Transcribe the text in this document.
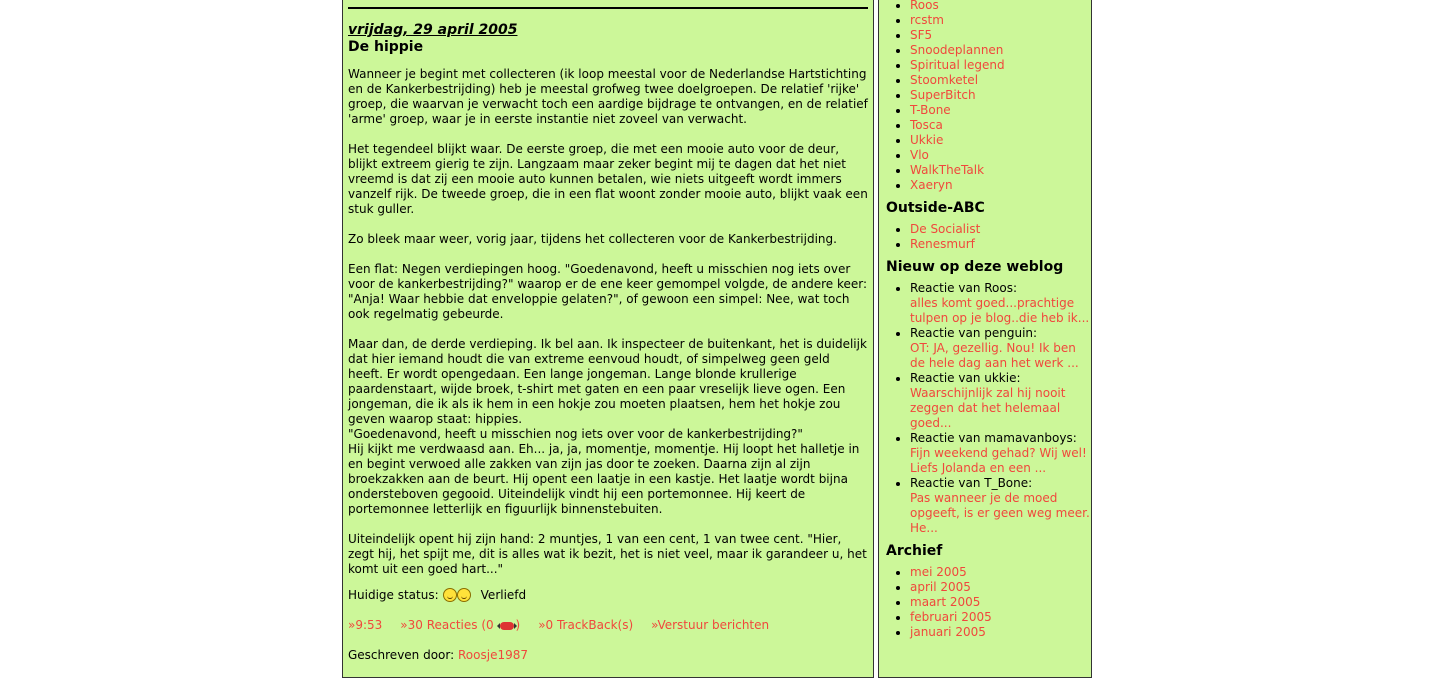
vrijdag, 29 april 2005
De hippie

Wanneer je begint met collecteren (ik loop meestal voor de Nederlandse Hartstichting en de Kankerbestrijding) heb je meestal grofweg twee doelgroepen. De relatief 'rijke' groep, die waarvan je verwacht toch een aardige bijdrage te ontvangen, en de relatief 'arme' groep, waar je in eerste instantie niet zoveel van verwacht.

Het tegendeel blijkt waar. De eerste groep, die met een mooie auto voor de deur, blijkt extreem gierig te zijn. Langzaam maar zeker begint mij te dagen dat het niet vreemd is dat zij een mooie auto kunnen betalen, wie niets uitgeeft wordt immers vanzelf rijk. De tweede groep, die in een flat woont zonder mooie auto, blijkt vaak een stuk guller.

Zo bleek maar weer, vorig jaar, tijdens het collecteren voor de Kankerbestrijding.

Een flat: Negen verdiepingen hoog. "Goedenavond, heeft u misschien nog iets over voor de kankerbestrijding?" waarop er de ene keer gemompel volgde, de andere keer: "Anja! Waar hebbie dat enveloppie gelaten?", of gewoon een simpel: Nee, wat toch ook regelmatig gebeurde.

Maar dan, de derde verdieping. Ik bel aan. Ik inspecteer de buitenkant, het is duidelijk dat hier iemand houdt die van extreme eenvoud houdt, of simpelweg geen geld heeft. Er wordt opengedaan. Een lange jongeman. Lange blonde krullerige paardenstaart, wijde broek, t-shirt met gaten en een paar vreselijk lieve ogen. Een jongeman, die ik als ik hem in een hokje zou moeten plaatsen, hem het hokje zou geven waarop staat: hippies.
"Goedenavond, heeft u misschien nog iets over voor de kankerbestrijding?"
Hij kijkt me verdwaasd aan. Eh... ja, ja, momentje, momentje. Hij loopt het halletje in en begint verwoed alle zakken van zijn jas door te zoeken. Daarna zijn al zijn broekzakken aan de beurt. Hij opent een laatje in een kastje. Het laatje wordt bijna ondersteboven gegooid. Uiteindelijk vindt hij een portemonnee. Hij keert de portemonnee letterlijk en figuurlijk binnenstebuiten.

Uiteindelijk opent hij zijn hand: 2 muntjes, 1 van een cent, 1 van twee cent. "Hier, zegt hij, het spijt me, dit is alles wat ik bezit, het is niet veel, maar ik garandeer u, het komt uit een goed hart..."

Huidige status:	Verliefd
»9:53 »30 Reacties (0 ) »0 TrackBack(s) »Verstuur berichten
Geschreven door: Roosje1987
• Roos
• rcstm
• SF5
• Snoodeplannen
• Spiritual legend
• Stoomketel
• SuperBitch
• T-Bone
• Tosca
• Ukkie
• Vlo
• WalkTheTalk
• Xaeryn
Outside-ABC
• De Socialist
• Renesmurf
Nieuw op deze weblog
• Reactie van Roos:
alles komt goed...prachtige tulpen op je blog..die heb ik...
• Reactie van penguin:
OT: JA, gezellig. Nou! Ik ben de hele dag aan het werk ...
• Reactie van ukkie:
Waarschijnlijk zal hij nooit zeggen dat het helemaal goed...
• Reactie van mamavanboys:
Fijn weekend gehad? Wij wel! Liefs Jolanda en een ...
• Reactie van T_Bone:
Pas wanneer je de moed opgeeft, is er geen weg meer. He...
Archief
• mei 2005
• april 2005
• maart 2005
• februari 2005
• januari 2005
